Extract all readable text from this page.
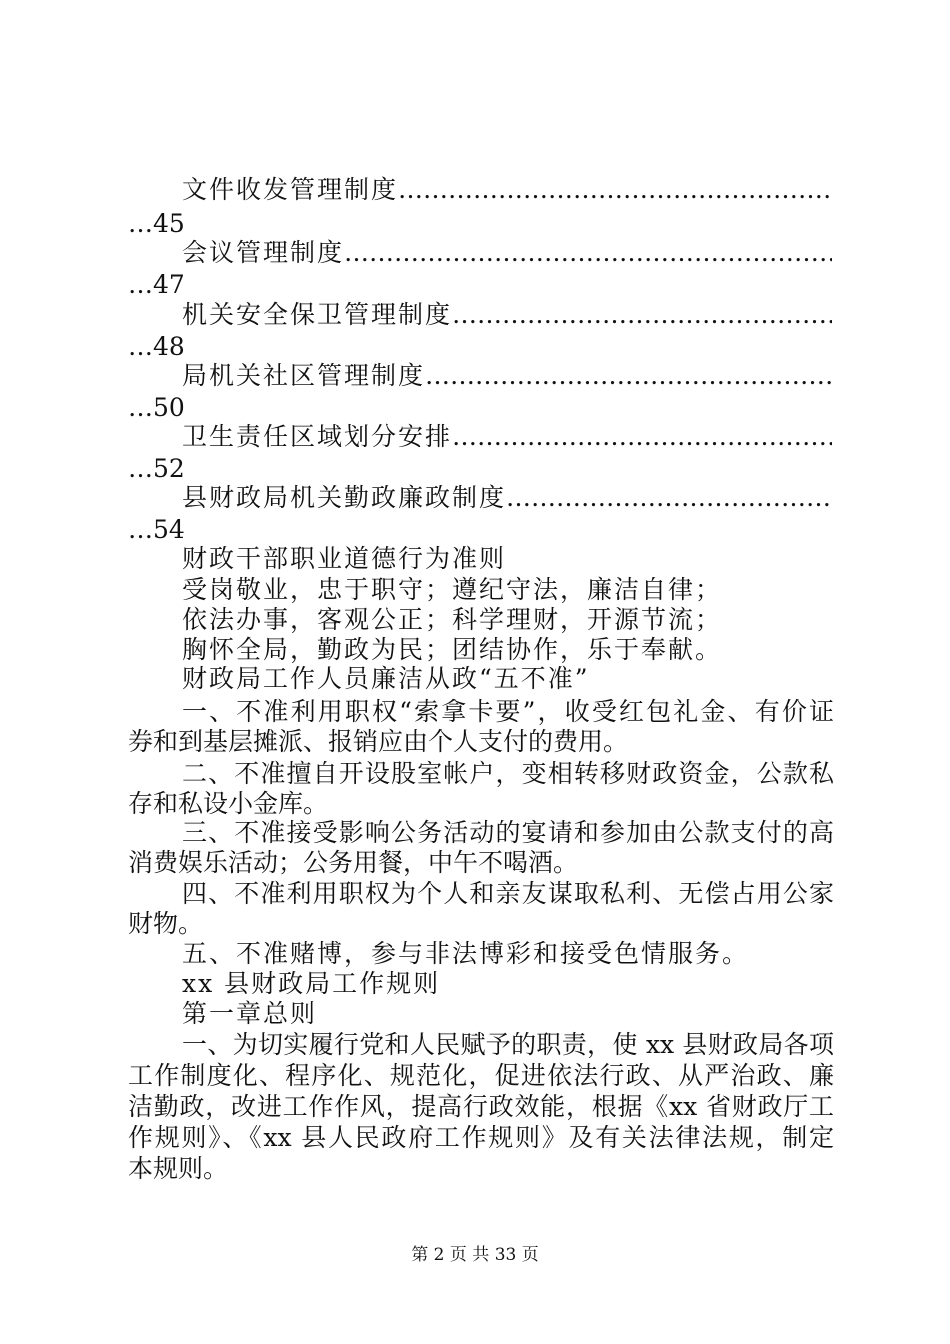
文件收发管理制度
…………………………………………………………………………………………………………
…45
会议管理制度
…………………………………………………………………………………………………………
…47
机关安全保卫管理制度
…………………………………………………………………………………………………………
…48
局机关社区管理制度
…………………………………………………………………………………………………………
…50
卫生责任区域划分安排
…………………………………………………………………………………………………………
…52
县财政局机关勤政廉政制度
…………………………………………………………………………………………………………
…54
财政干部职业道德行为准则
受岗敬业，忠于职守；遵纪守法，廉洁自律；
依法办事，客观公正；科学理财，开源节流；
胸怀全局，勤政为民；团结协作，乐于奉献。
财政局工作人员廉洁从政“五不准”
一、不准利用职权“索拿卡要”，收受红包礼金、有价证
券和到基层摊派、报销应由个人支付的费用。
二、不准擅自开设股室帐户，变相转移财政资金，公款私
存和私设小金库。
三、不准接受影响公务活动的宴请和参加由公款支付的高
消费娱乐活动；公务用餐，中午不喝酒。
四、不准利用职权为个人和亲友谋取私利、无偿占用公家
财物。
五、不准赌博，参与非法博彩和接受色情服务。
xx 县财政局工作规则
第一章总则
一、为切实履行党和人民赋予的职责，使 xx 县财政局各项
工作制度化、程序化、规范化，促进依法行政、从严治政、廉
洁勤政，改进工作作风，提高行政效能，根据《xx 省财政厅工
作规则》、《xx 县人民政府工作规则》及有关法律法规，制定
本规则。
第 2 页 共 33 页
